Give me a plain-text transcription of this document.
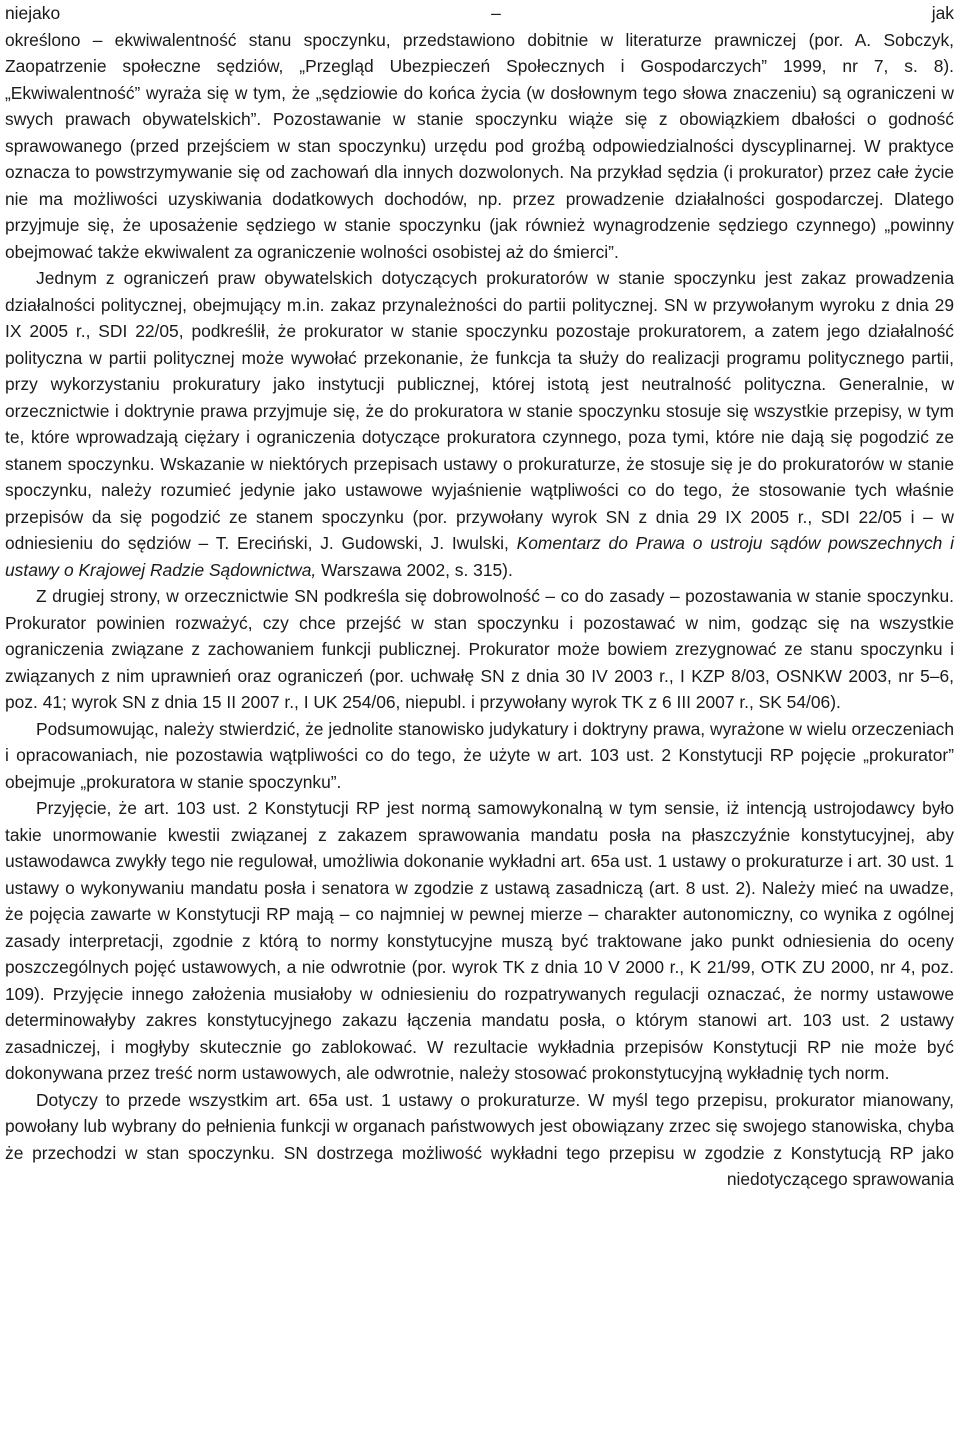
niejako	–	jak

określono – ekwiwalentność stanu spoczynku, przedstawiono dobitnie w literaturze prawniczej (por. A. Sobczyk, Zaopatrzenie społeczne sędziów, „Przegląd Ubezpieczeń Społecznych i Gospodarczych” 1999, nr 7, s. 8). „Ekwiwalentność” wyraża się w tym, że „sędziowie do końca życia (w dosłownym tego słowa znaczeniu) są ograniczeni w swych prawach obywatelskich”. Pozostawanie w stanie spoczynku wiąże się z obowiązkiem dbałości o godność sprawowanego (przed przejściem w stan spoczynku) urzędu pod groźbą odpowiedzialności dyscyplinarnej. W praktyce oznacza to powstrzymywanie się od zachowań dla innych dozwolonych. Na przykład sędzia (i prokurator) przez całe życie nie ma możliwości uzyskiwania dodatkowych dochodów, np. przez prowadzenie działalności gospodarczej. Dlatego przyjmuje się, że uposażenie sędziego w stanie spoczynku (jak również wynagrodzenie sędziego czynnego) „powinny obejmować także ekwiwalent za ograniczenie wolności osobistej aż do śmierci”.

Jednym z ograniczeń praw obywatelskich dotyczących prokuratorów w stanie spoczynku jest zakaz prowadzenia działalności politycznej, obejmujący m.in. zakaz przynależności do partii politycznej. SN w przywołanym wyroku z dnia 29 IX 2005 r., SDI 22/05, podkreślił, że prokurator w stanie spoczynku pozostaje prokuratorem, a zatem jego działalność polityczna w partii politycznej może wywołać przekonanie, że funkcja ta służy do realizacji programu politycznego partii, przy wykorzystaniu prokuratury jako instytucji publicznej, której istotą jest neutralność polityczna. Generalnie, w orzecznictwie i doktrynie prawa przyjmuje się, że do prokuratora w stanie spoczynku stosuje się wszystkie przepisy, w tym te, które wprowadzają ciężary i ograniczenia dotyczące prokuratora czynnego, poza tymi, które nie dają się pogodzić ze stanem spoczynku. Wskazanie w niektórych przepisach ustawy o prokuraturze, że stosuje się je do prokuratorów w stanie spoczynku, należy rozumieć jedynie jako ustawowe wyjaśnienie wątpliwości co do tego, że stosowanie tych właśnie przepisów da się pogodzić ze stanem spoczynku (por. przywołany wyrok SN z dnia 29 IX 2005 r., SDI 22/05 i – w odniesieniu do sędziów – T. Ereciński, J. Gudowski, J. Iwulski, Komentarz do Prawa o ustroju sądów powszechnych i ustawy o Krajowej Radzie Sądownictwa, Warszawa 2002, s. 315).

Z drugiej strony, w orzecznictwie SN podkreśla się dobrowolność – co do zasady – pozostawania w stanie spoczynku. Prokurator powinien rozważyć, czy chce przejść w stan spoczynku i pozostawać w nim, godząc się na wszystkie ograniczenia związane z zachowaniem funkcji publicznej. Prokurator może bowiem zrezygnować ze stanu spoczynku i związanych z nim uprawnień oraz ograniczeń (por. uchwałę SN z dnia 30 IV 2003 r., I KZP 8/03, OSNKW 2003, nr 5–6, poz. 41; wyrok SN z dnia 15 II 2007 r., I UK 254/06, niepubl. i przywołany wyrok TK z 6 III 2007 r., SK 54/06).

Podsumowując, należy stwierdzić, że jednolite stanowisko judykatury i doktryny prawa, wyrażone w wielu orzeczeniach i opracowaniach, nie pozostawia wątpliwości co do tego, że użyte w art. 103 ust. 2 Konstytucji RP pojęcie „prokurator” obejmuje „prokuratora w stanie spoczynku”.

Przyjęcie, że art. 103 ust. 2 Konstytucji RP jest normą samowykonalną w tym sensie, iż intencją ustrojodawcy było takie unormowanie kwestii związanej z zakazem sprawowania mandatu posła na płaszczyźnie konstytucyjnej, aby ustawodawca zwykły tego nie regulował, umożliwia dokonanie wykładni art. 65a ust. 1 ustawy o prokuraturze i art. 30 ust. 1 ustawy o wykonywaniu mandatu posła i senatora w zgodzie z ustawą zasadniczą (art. 8 ust. 2). Należy mieć na uwadze, że pojęcia zawarte w Konstytucji RP mają – co najmniej w pewnej mierze – charakter autonomiczny, co wynika z ogólnej zasady interpretacji, zgodnie z którą to normy konstytucyjne muszą być traktowane jako punkt odniesienia do oceny poszczególnych pojęć ustawowych, a nie odwrotnie (por. wyrok TK z dnia 10 V 2000 r., K 21/99, OTK ZU 2000, nr 4, poz. 109). Przyjęcie innego założenia musiałoby w odniesieniu do rozpatrywanych regulacji oznaczać, że normy ustawowe determinowałyby zakres konstytucyjnego zakazu łączenia mandatu posła, o którym stanowi art. 103 ust. 2 ustawy zasadniczej, i mogłyby skutecznie go zablokować. W rezultacie wykładnia przepisów Konstytucji RP nie może być dokonywana przez treść norm ustawowych, ale odwrotnie, należy stosować prokonstytucyjną wykładnię tych norm.

Dotyczy to przede wszystkim art. 65a ust. 1 ustawy o prokuraturze. W myśl tego przepisu, prokurator mianowany, powołany lub wybrany do pełnienia funkcji w organach państwowych jest obowiązany zrzec się swojego stanowiska, chyba że przechodzi w stan spoczynku. SN dostrzega możliwość wykładni tego przepisu w zgodzie z Konstytucją RP jako niedotyczącego sprawowania
